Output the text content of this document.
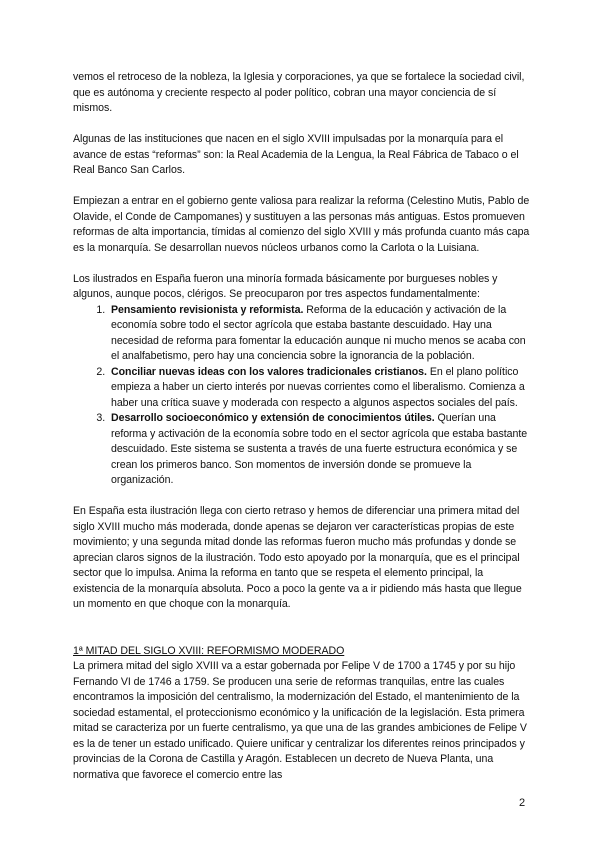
vemos el retroceso de la nobleza, la Iglesia y corporaciones, ya que se fortalece la sociedad civil, que es autónoma y creciente respecto al poder político, cobran una mayor conciencia de sí mismos.

Algunas de las instituciones que nacen en el siglo XVIII impulsadas por la monarquía para el avance de estas “reformas” son: la Real Academia de la Lengua, la Real Fábrica de Tabaco o el Real Banco San Carlos.

Empiezan a entrar en el gobierno gente valiosa para realizar la reforma (Celestino Mutis, Pablo de Olavide, el Conde de Campomanes) y sustituyen a las personas más antiguas. Estos promueven reformas de alta importancia, tímidas al comienzo del siglo XVIII y más profunda cuanto más capa es la monarquía. Se desarrollan nuevos núcleos urbanos como la Carlota o la Luisiana.

Los ilustrados en España fueron una minoría formada básicamente por burgueses nobles y algunos, aunque pocos, clérigos. Se preocuparon por tres aspectos fundamentalmente:

1. Pensamiento revisionista y reformista. Reforma de la educación y activación de la economía sobre todo el sector agrícola que estaba bastante descuidado. Hay una necesidad de reforma para fomentar la educación aunque ni mucho menos se acaba con el analfabetismo, pero hay una conciencia sobre la ignorancia de la población.
2. Conciliar nuevas ideas con los valores tradicionales cristianos. En el plano político empieza a haber un cierto interés por nuevas corrientes como el liberalismo. Comienza a haber una crítica suave y moderada con respecto a algunos aspectos sociales del país.
3. Desarrollo socioeconómico y extensión de conocimientos útiles. Querían una reforma y activación de la economía sobre todo en el sector agrícola que estaba bastante descuidado. Este sistema se sustenta a través de una fuerte estructura económica y se crean los primeros banco. Son momentos de inversión donde se promueve la organización.

En España esta ilustración llega con cierto retraso y hemos de diferenciar una primera mitad del siglo XVIII mucho más moderada, donde apenas se dejaron ver características propias de este movimiento; y una segunda mitad donde las reformas fueron mucho más profundas y donde se aprecian claros signos de la ilustración. Todo esto apoyado por la monarquía, que es el principal sector que lo impulsa. Anima la reforma en tanto que se respeta el elemento principal, la existencia de la monarquía absoluta. Poco a poco la gente va a ir pidiendo más hasta que llegue un momento en que choque con la monarquía.

1ª MITAD DEL SIGLO XVIII: REFORMISMO MODERADO

La primera mitad del siglo XVIII va a estar gobernada por Felipe V de 1700 a 1745 y por su hijo Fernando VI de 1746 a 1759. Se producen una serie de reformas tranquilas, entre las cuales encontramos la imposición del centralismo, la modernización del Estado, el mantenimiento de la sociedad estamental, el proteccionismo económico y la unificación de la legislación. Esta primera mitad se caracteriza por un fuerte centralismo, ya que una de las grandes ambiciones de Felipe V es la de tener un estado unificado. Quiere unificar y centralizar los diferentes reinos principados y provincias de la Corona de Castilla y Aragón. Establecen un decreto de Nueva Planta, una normativa que favorece el comercio entre las

2
